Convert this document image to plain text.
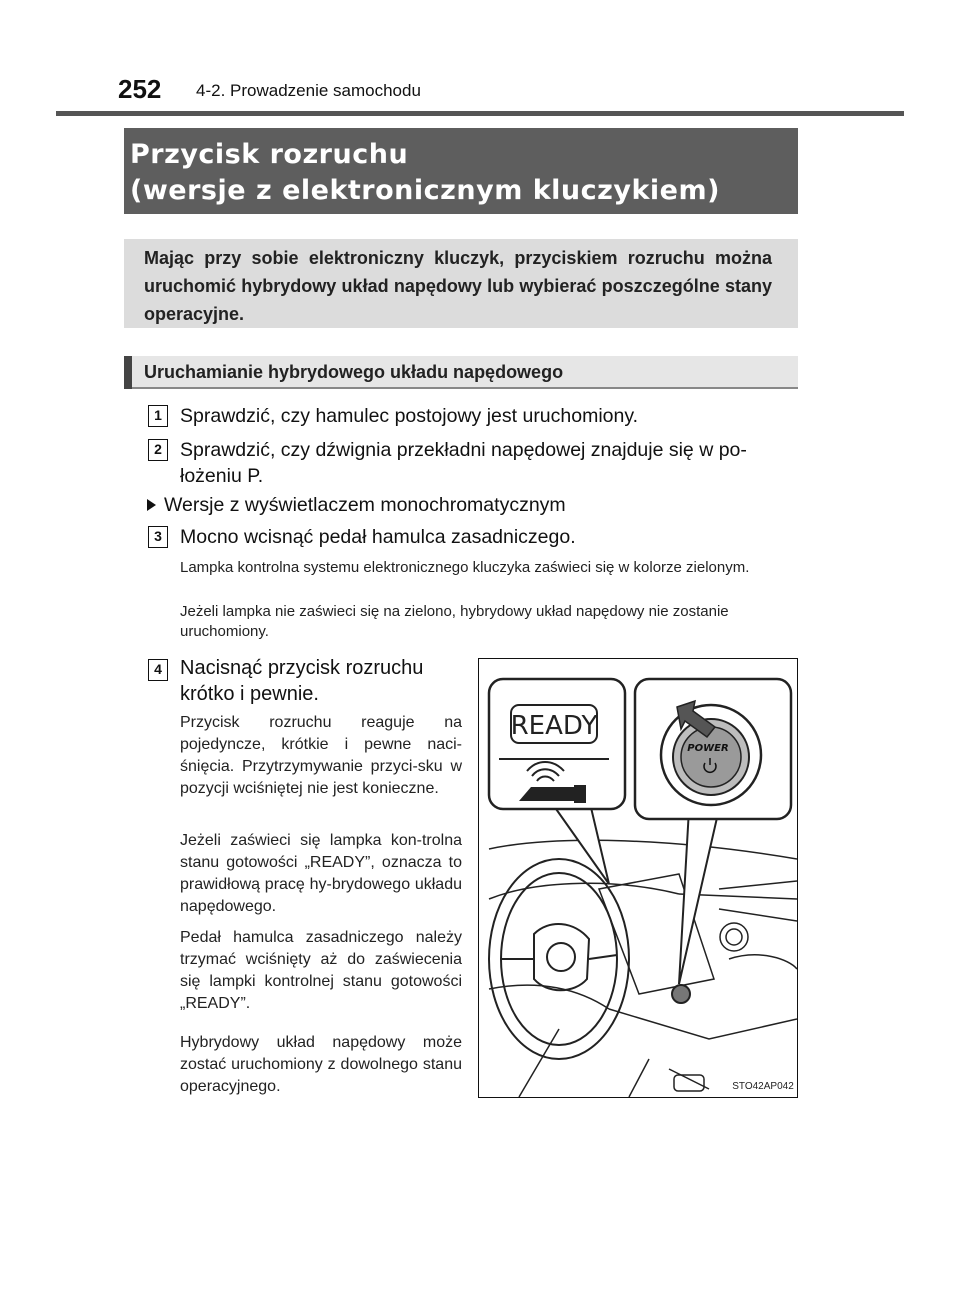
252 4-2. Prowadzenie samochodu
Przycisk rozruchu
(wersje z elektronicznym kluczykiem)
Mając przy sobie elektroniczny kluczyk, przyciskiem rozruchu można uruchomić hybrydowy układ napędowy lub wybierać poszczególne stany operacyjne.
Uruchamianie hybrydowego układu napędowego
1 Sprawdzić, czy hamulec postojowy jest uruchomiony.
2 Sprawdzić, czy dźwignia przekładni napędowej znajduje się w po-
łożeniu P.
Wersje z wyświetlaczem monochromatycznym
3 Mocno wcisnąć pedał hamulca zasadniczego.
Lampka kontrolna systemu elektronicznego kluczyka zaświeci się w kolorze zielonym.
Jeżeli lampka nie zaświeci się na zielono, hybrydowy układ napędowy nie zostanie uruchomiony.
4 Nacisnąć przycisk rozruchu
krótko i pewnie.
Przycisk rozruchu reaguje na pojedyncze, krótkie i pewne naci-śnięcia. Przytrzymywanie przyci-sku w pozycji wciśniętej nie jest konieczne.
Jeżeli zaświeci się lampka kon-trolna stanu gotowości „READY”, oznacza to prawidłową pracę hy-brydowego układu napędowego.
Pedał hamulca zasadniczego należy trzymać wciśnięty aż do zaświecenia się lampki kontrolnej stanu gotowości „READY”.
Hybrydowy układ napędowy może zostać uruchomiony z dowolnego stanu operacyjnego.
READY
POWER
STO42AP042
